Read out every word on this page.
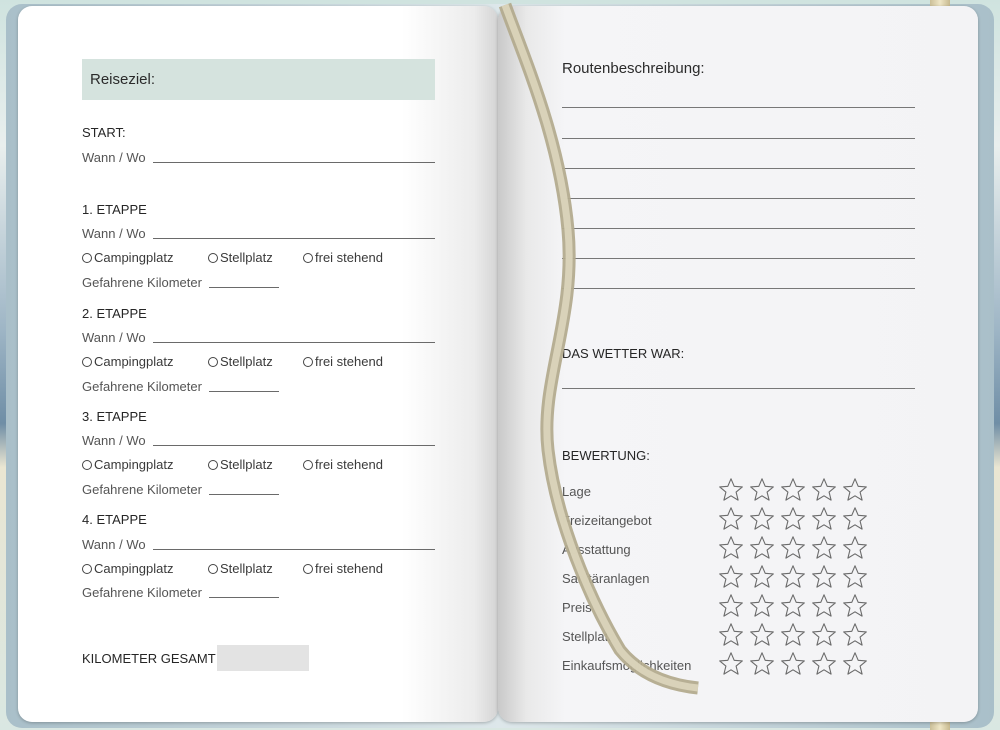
Reiseziel:
START:
Wann / Wo
1. ETAPPE
Wann / Wo
Campingplatz	Stellplatz	frei stehend
Gefahrene Kilometer
2. ETAPPE
Wann / Wo
Campingplatz	Stellplatz	frei stehend
Gefahrene Kilometer
3. ETAPPE
Wann / Wo
Campingplatz	Stellplatz	frei stehend
Gefahrene Kilometer
4. ETAPPE
Wann / Wo
Campingplatz	Stellplatz	frei stehend
Gefahrene Kilometer
KILOMETER GESAMT
Routenbeschreibung:
DAS WETTER WAR:
BEWERTUNG:
Lage
Freizeitangebot
Ausstattung
Sanitäranlagen
Preis
Stellplatz
Einkaufsmöglichkeiten
